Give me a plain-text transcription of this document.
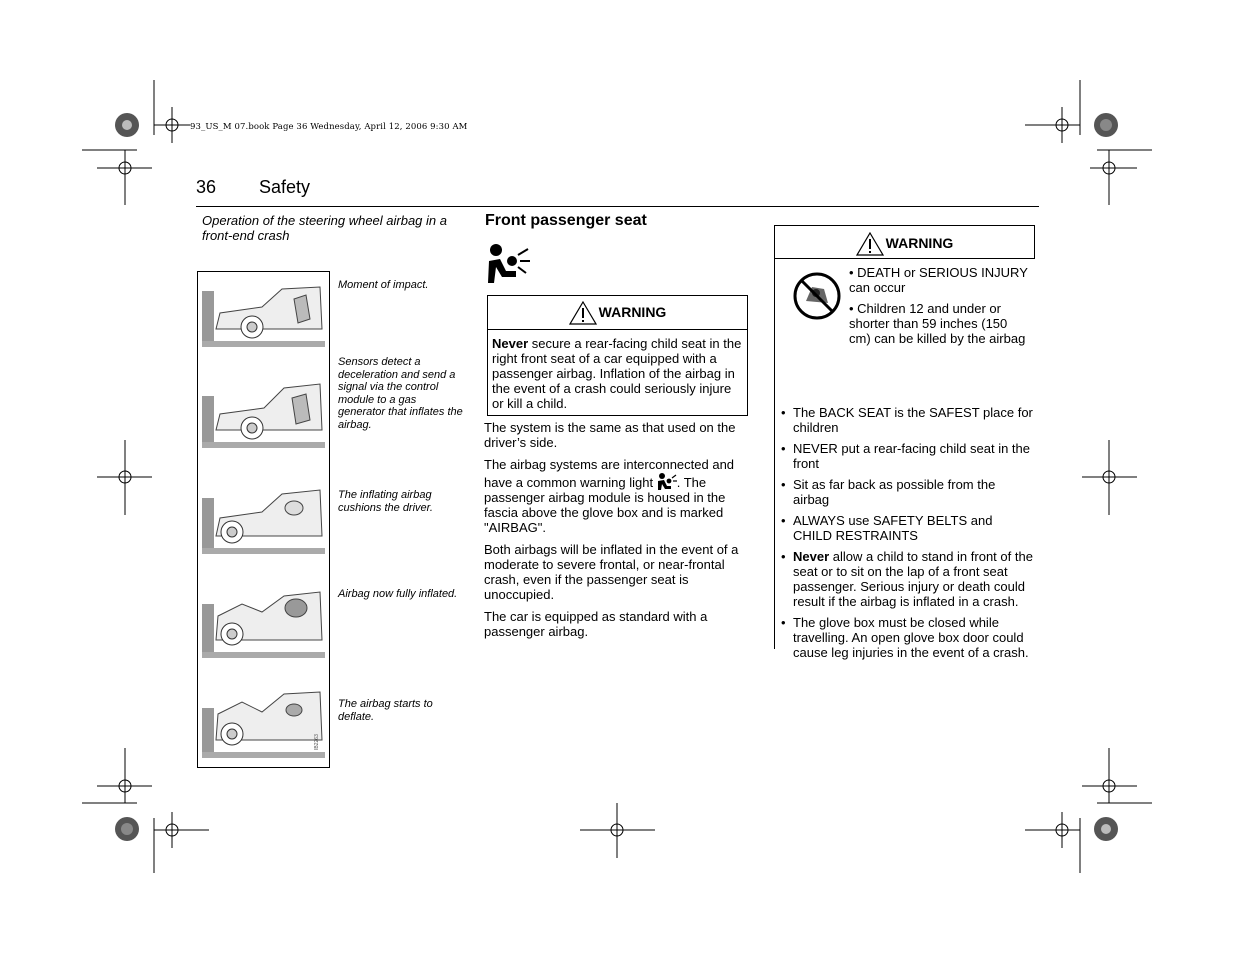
93_US_M 07.book Page 36 Wednesday, April 12, 2006 9:30 AM
36 Safety
Operation of the steering wheel airbag in a front-end crash
IB2263
Moment of impact.
Sensors detect a deceleration and send a signal via the control module to a gas generator that inflates the airbag.
The inflating airbag cushions the driver.
Airbag now fully inflated.
The airbag starts to deflate.
Front passenger seat
WARNING
Never secure a rear-facing child seat in the right front seat of a car equipped with a passenger airbag. Inflation of the airbag in the event of a crash could seriously injure or kill a child.

The system is the same as that used on the driver’s side.

The airbag systems are interconnected and have a common warning light . The passenger airbag module is housed in the fascia above the glove box and is marked "AIRBAG".

Both airbags will be inflated in the event of a moderate to severe frontal, or near-frontal crash, even if the passenger seat is unoccupied.

The car is equipped as standard with a passenger airbag.

WARNING
• DEATH or SERIOUS INJURY can occur
• Children 12 and under or shorter than 59 inches (150 cm) can be killed by the airbag
• The BACK SEAT is the SAFEST place for children
• NEVER put a rear-facing child seat in the front
• Sit as far back as possible from the airbag
• ALWAYS use SAFETY BELTS and CHILD RESTRAINTS
• Never allow a child to stand in front of the seat or to sit on the lap of a front seat passenger. Serious injury or death could result if the airbag is inflated in a crash.
• The glove box must be closed while travelling. An open glove box door could cause leg injuries in the event of a crash.
